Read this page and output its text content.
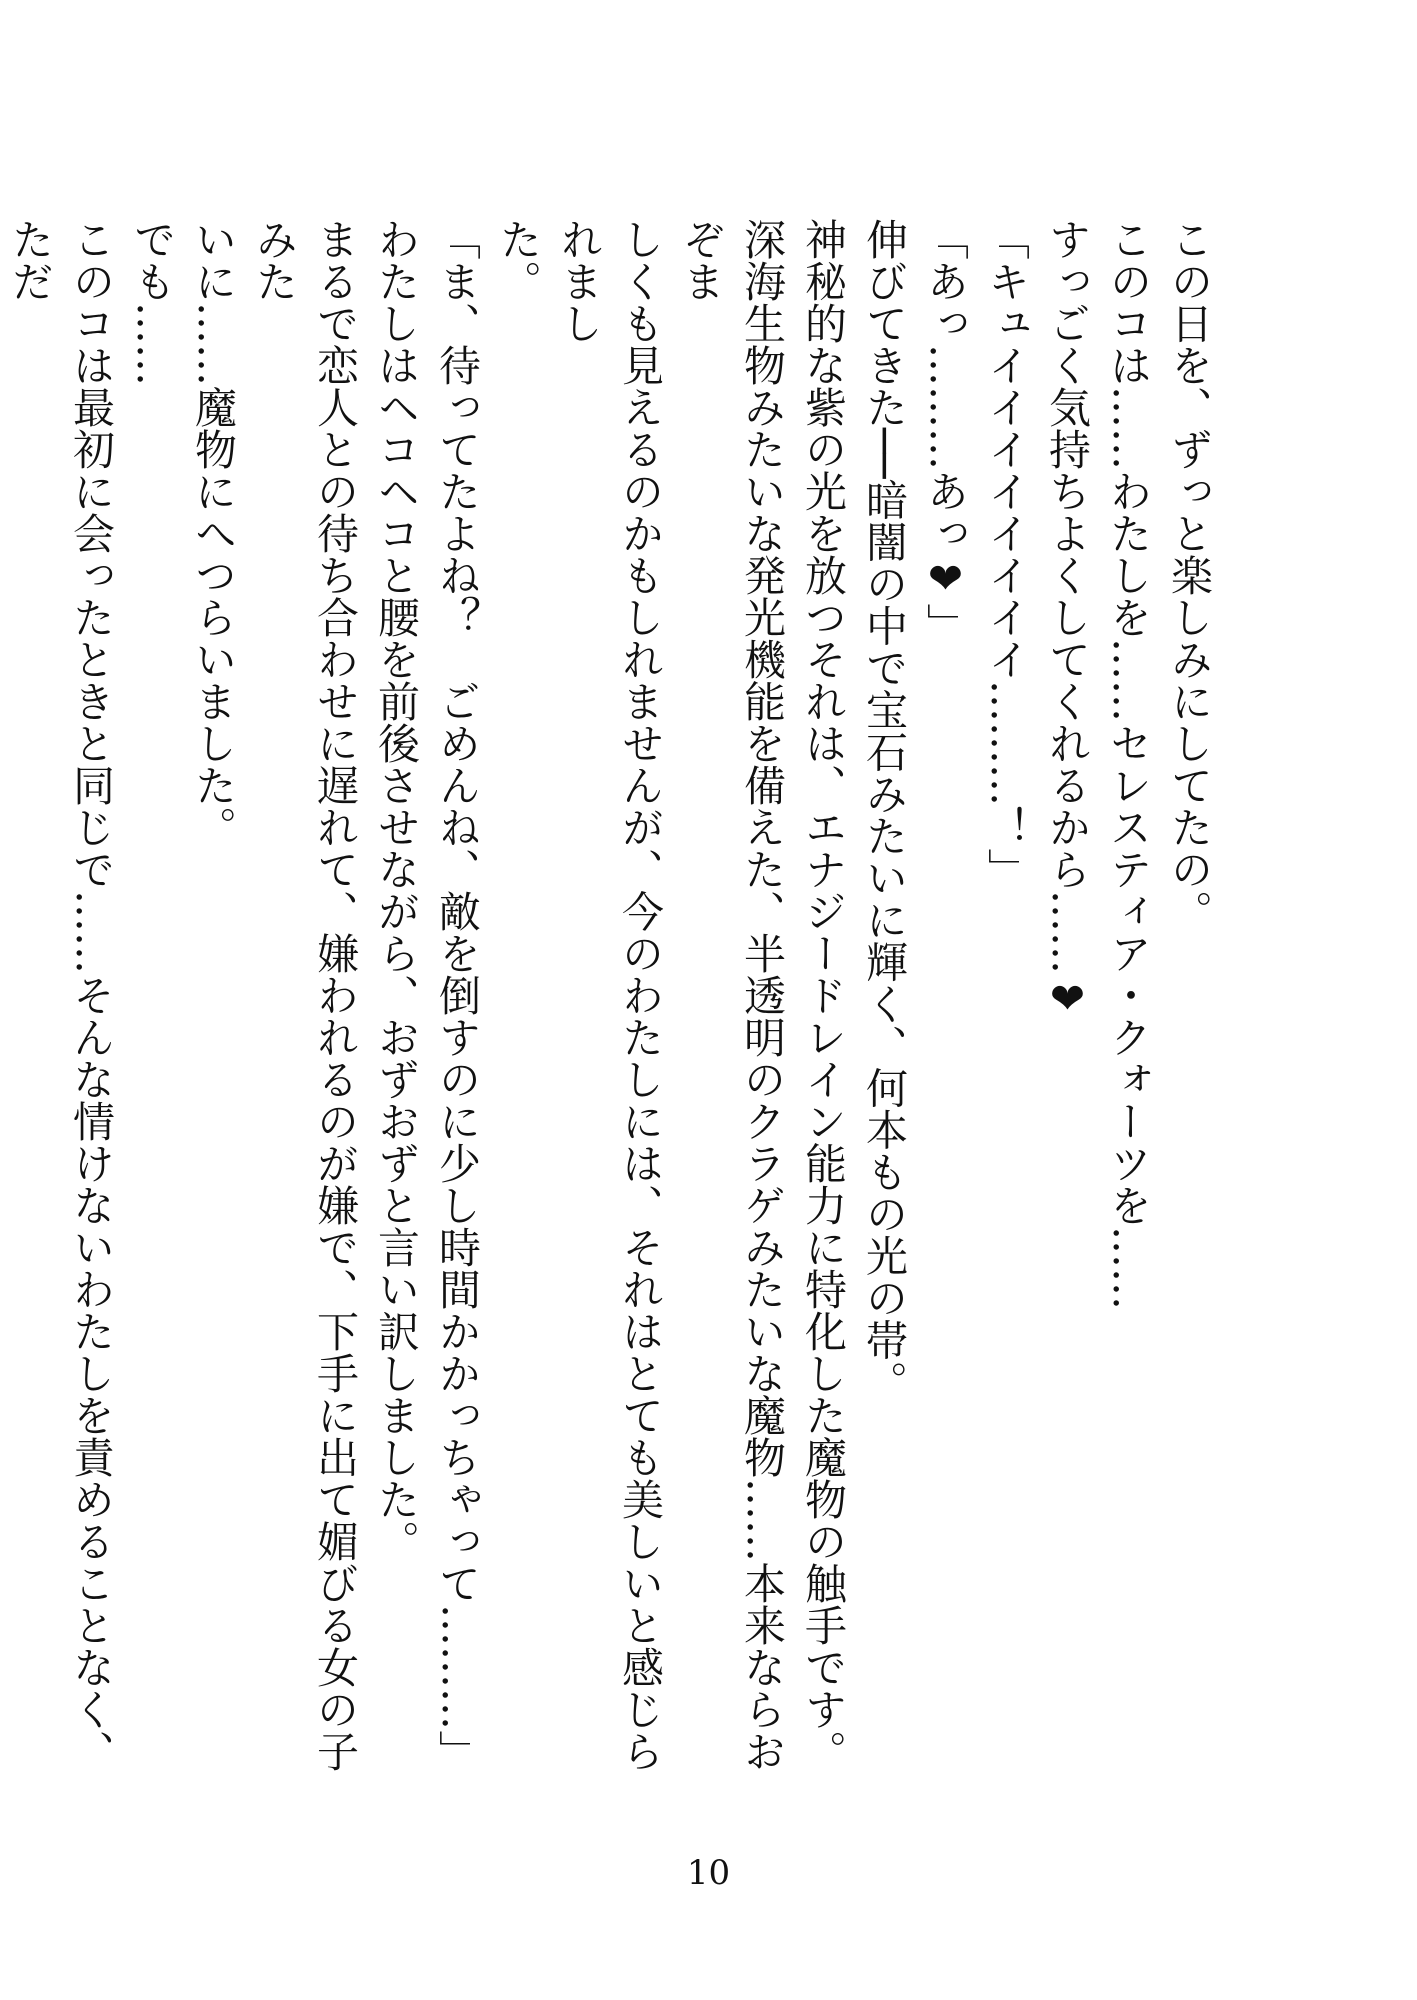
この日を、ずっと楽しみにしてたの。

このコは……わたしを……セレスティア・クォーツを……

すっごく気持ちよくしてくれるから……❤

「キュイイイイイイイイ………！」

「あっ………あっ❤」

伸びてきた──暗闇の中で宝石みたいに輝く、何本もの光の帯。

神秘的な紫の光を放つそれは、エナジードレイン能力に特化した魔物の触手です。

深海生物みたいな発光機能を備えた、半透明のクラゲみたいな魔物……本来ならおぞま

しくも見えるのかもしれませんが、今のわたしには、それはとても美しいと感じられまし

た。

「ま、待ってたよね？　ごめんね、敵を倒すのに少し時間かかっちゃって………」

わたしはヘコヘコと腰を前後させながら、おずおずと言い訳しました。

まるで恋人との待ち合わせに遅れて、嫌われるのが嫌で、下手に出て媚びる女の子みた

いに……魔物にへつらいました。

でも……

このコは最初に会ったときと同じで……そんな情けないわたしを責めることなく、ただ

10
